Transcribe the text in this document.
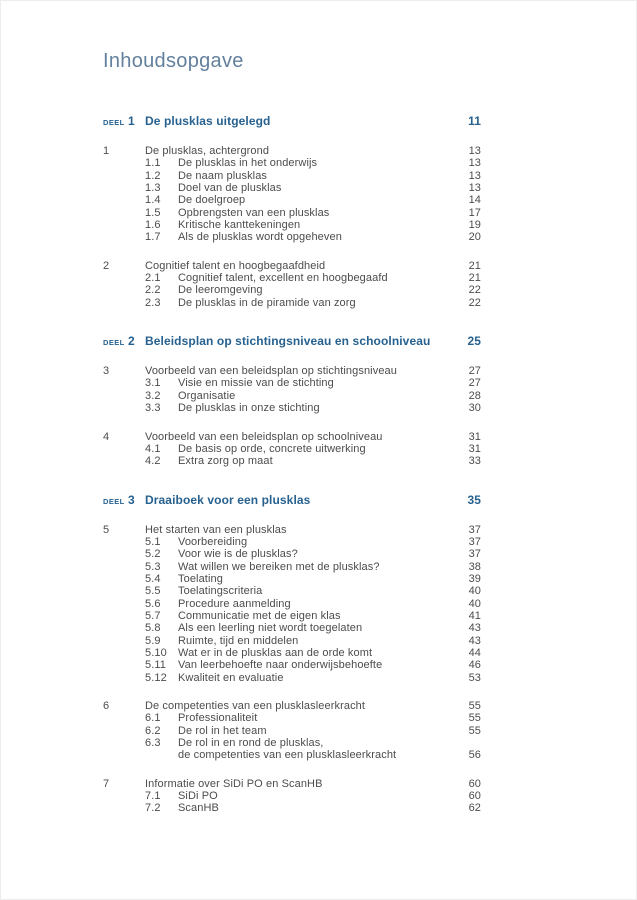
Inhoudsopgave
DEEL 1 De plusklas uitgelegd	11
1	De plusklas, achtergrond	13
1.1	De plusklas in het onderwijs	13
1.2	De naam plusklas	13
1.3	Doel van de plusklas	13
1.4	De doelgroep	14
1.5	Opbrengsten van een plusklas	17
1.6	Kritische kanttekeningen	19
1.7	Als de plusklas wordt opgeheven	20
2	Cognitief talent en hoogbegaafdheid	21
2.1	Cognitief talent, excellent en hoogbegaafd	21
2.2	De leeromgeving	22
2.3	De plusklas in de piramide van zorg	22
DEEL 2 Beleidsplan op stichtingsniveau en schoolniveau	25
3	Voorbeeld van een beleidsplan op stichtingsniveau	27
3.1	Visie en missie van de stichting	27
3.2	Organisatie	28
3.3	De plusklas in onze stichting	30
4	Voorbeeld van een beleidsplan op schoolniveau	31
4.1	De basis op orde, concrete uitwerking	31
4.2	Extra zorg op maat	33
DEEL 3 Draaiboek voor een plusklas	35
5	Het starten van een plusklas	37
5.1	Voorbereiding	37
5.2	Voor wie is de plusklas?	37
5.3	Wat willen we bereiken met de plusklas?	38
5.4	Toelating	39
5.5	Toelatingscriteria	40
5.6	Procedure aanmelding	40
5.7	Communicatie met de eigen klas	41
5.8	Als een leerling niet wordt toegelaten	43
5.9	Ruimte, tijd en middelen	43
5.10	Wat er in de plusklas aan de orde komt	44
5.11	Van leerbehoefte naar onderwijsbehoefte	46
5.12	Kwaliteit en evaluatie	53
6	De competenties van een plusklasleerkracht	55
6.1	Professionaliteit	55
6.2	De rol in het team	55
6.3	De rol in en rond de plusklas,
de competenties van een plusklasleerkracht	56
7	Informatie over SiDi PO en ScanHB	60
7.1	SiDi PO	60
7.2	ScanHB	62
